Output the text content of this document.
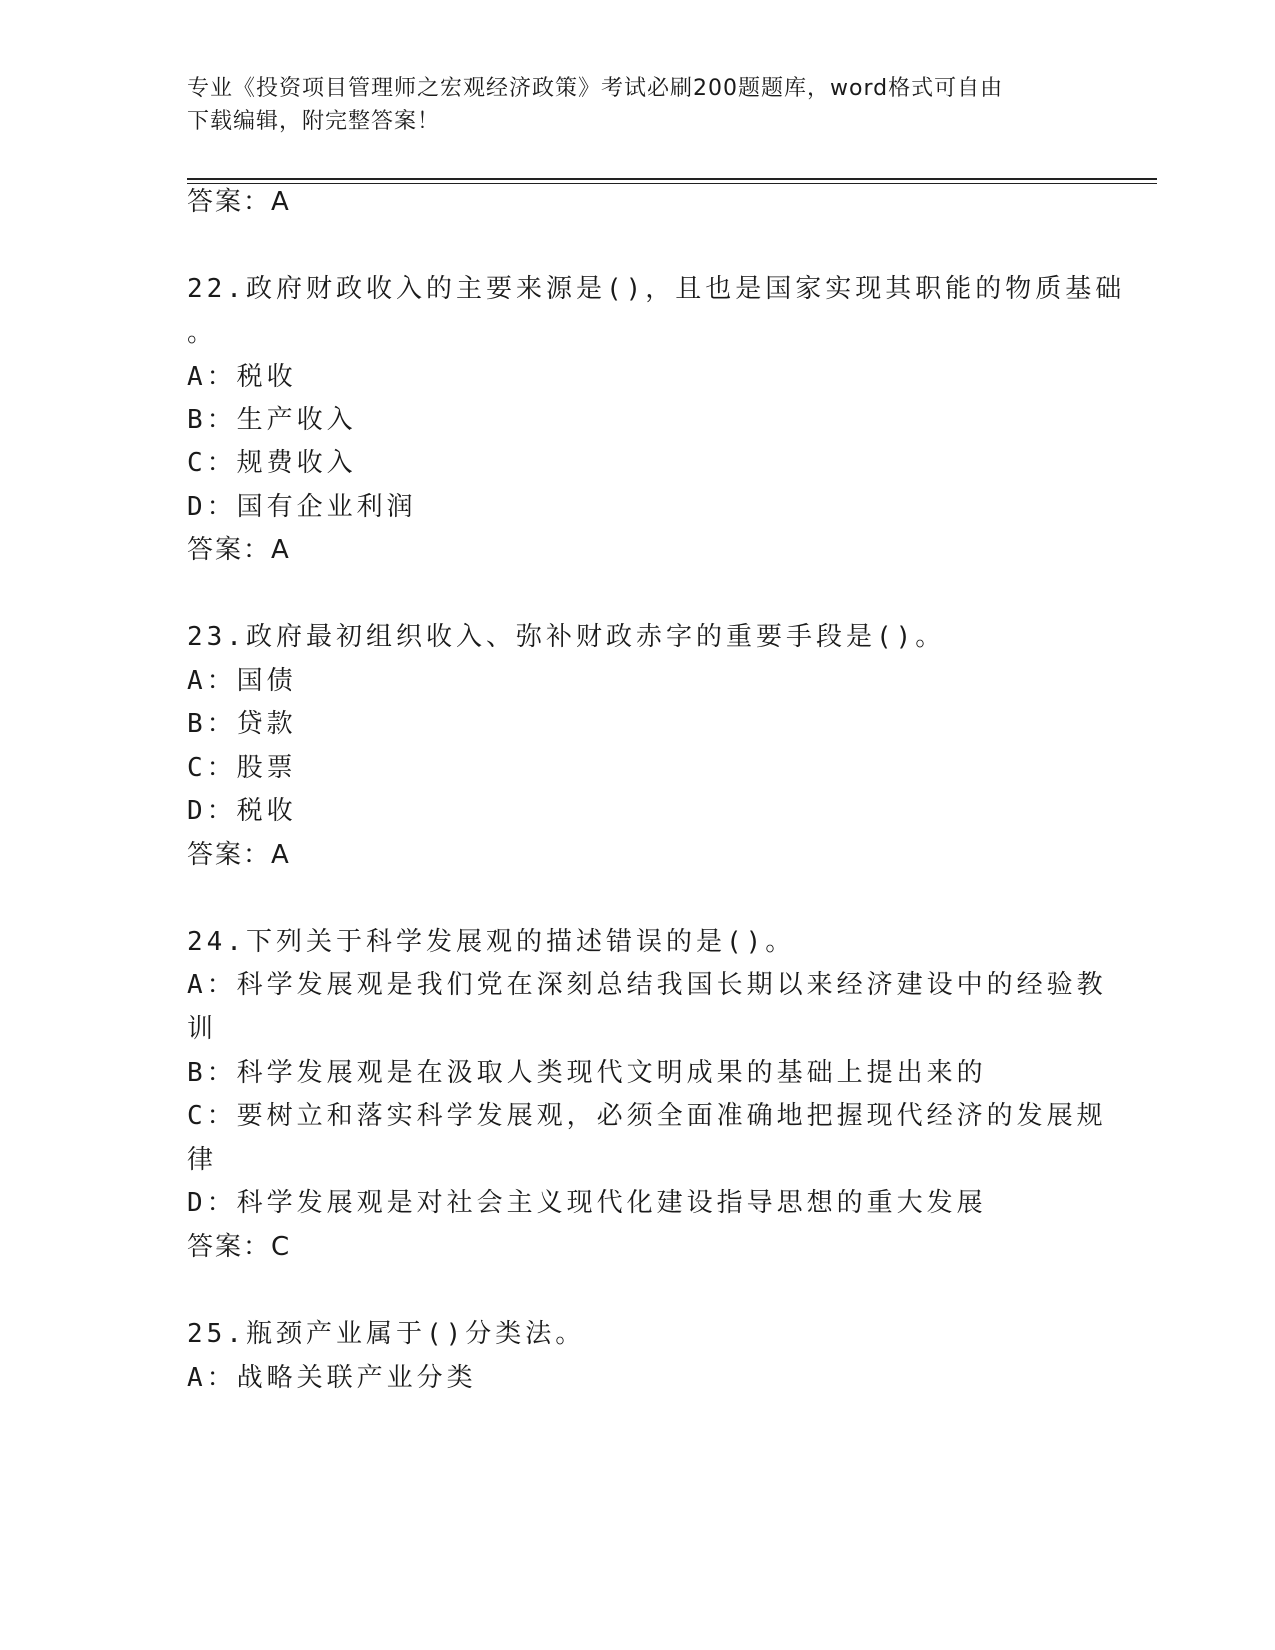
专业《投资项目管理师之宏观经济政策》考试必刷200题题库，word格式可自由
下载编辑，附完整答案！
答案：A
22.政府财政收入的主要来源是()，且也是国家实现其职能的物质基础
。
A：税收
B：生产收入
C：规费收入
D：国有企业利润
答案：A
23.政府最初组织收入、弥补财政赤字的重要手段是()。
A：国债
B：贷款
C：股票
D：税收
答案：A
24.下列关于科学发展观的描述错误的是()。
A：科学发展观是我们党在深刻总结我国长期以来经济建设中的经验教
训
B：科学发展观是在汲取人类现代文明成果的基础上提出来的
C：要树立和落实科学发展观，必须全面准确地把握现代经济的发展规
律
D：科学发展观是对社会主义现代化建设指导思想的重大发展
答案：C
25.瓶颈产业属于()分类法。
A：战略关联产业分类
